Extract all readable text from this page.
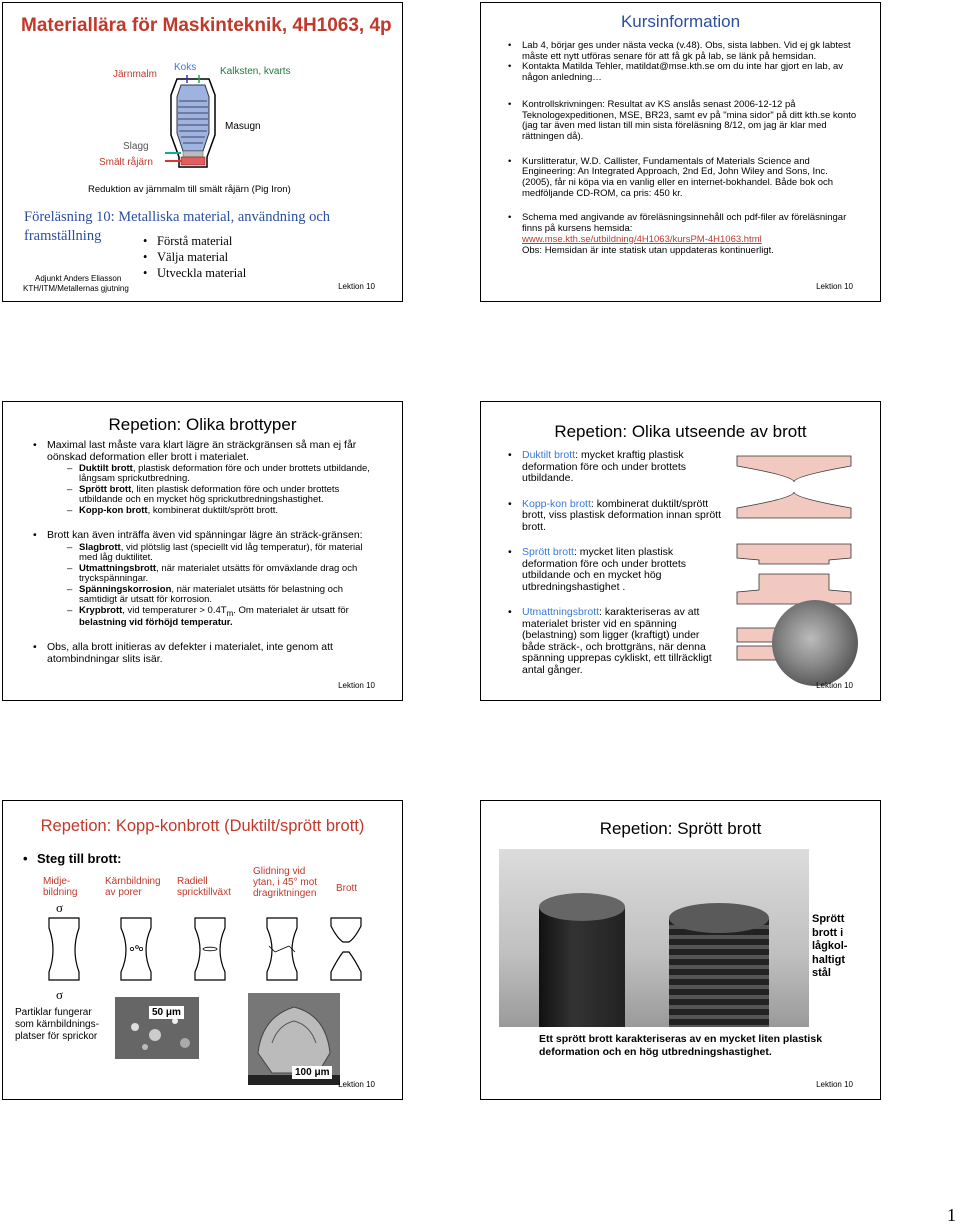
Materiallära för Maskinteknik, 4H1063, 4p
Järnmalm
Koks Kalksten, kvarts
Masugn
Slagg
Smält råjärn
Reduktion av järnmalm till smält råjärn (Pig Iron)
Föreläsning 10: Metalliska material, användning och framställning
•	Förstå material
• Välja material
• Utveckla material
Adjunkt Anders Eliasson
KTH/ITM/Metallernas gjutning	Lektion 10
Kursinformation
• Lab 4, börjar ges under nästa vecka (v.48). Obs, sista labben. Vid ej gk labtest måste ett nytt utföras senare för att få gk på lab, se länk på hemsidan.
• Kontakta Matilda Tehler, matildat@mse.kth.se om du inte har gjort en lab, av någon anledning…
• Kontrollskrivningen: Resultat av KS anslås senast 2006-12-12 på Teknologexpeditionen, MSE, BR23, samt ev på "mina sidor" på ditt kth.se konto (jag tar även med listan till min sista föreläsning 8/12, om jag är klar med rättningen då).
• Kurslitteratur, W.D. Callister, Fundamentals of Materials Science and Engineering: An Integrated Approach, 2nd Ed, John Wiley and Sons, Inc. (2005), får ni köpa via en vanlig eller en internet-bokhandel. Både bok och medföljande CD-ROM, ca pris: 450 kr.
• Schema med angivande av föreläsningsinnehåll och pdf-filer av föreläsningar finns på kursens hemsida:
www.mse.kth.se/utbildning/4H1063/kursPM-4H1063.html
Obs: Hemsidan är inte statisk utan uppdateras kontinuerligt.
Lektion 10
Repetion: Olika brottyper
• Maximal last måste vara klart lägre än sträckgränsen så man ej får oönskad deformation eller brott i materialet.
– Duktilt brott, plastisk deformation före och under brottets utbildande, långsam sprickutbredning.
– Sprött brott, liten plastisk deformation före och under brottets utbildande och en mycket hög sprickutbredningshastighet.
– Kopp-kon brott, kombinerat duktilt/sprött brott.
• Brott kan även inträffa även vid spänningar lägre än sträck-gränsen:
– Slagbrott, vid plötslig last (speciellt vid låg temperatur), för material med låg duktilitet.
– Utmattningsbrott, när materialet utsätts för omväxlande drag och tryckspänningar.
– Spänningskorrosion, när materialet utsätts för belastning och samtidigt är utsatt för korrosion.
– Krypbrott, vid temperaturer > $0.4T_m$. Om materialet är utsatt för belastning vid förhöjd temperatur.
• Obs, alla brott initieras av defekter i materialet, inte genom att atombindningar slits isär.
Lektion 10
Repetion: Olika utseende av brott
• Duktilt brott: mycket kraftig plastisk deformation före och under brottets utbildande.
• Kopp-kon brott: kombinerat duktilt/sprött brott, viss plastisk deformation innan sprött brott.
• Sprött brott: mycket liten plastisk deformation före och under brottets utbildande och en mycket hög utbredningshastighet .
• Utmattningsbrott: karakteriseras av att materialet brister vid en spänning (belastning) som ligger (kraftigt) under både sträck-, och brottgräns, när denna spänning upprepas cykliskt, ett tillräckligt antal gånger.
Lektion 10
Repetion: Kopp-konbrott (Duktilt/sprött brott)
• Steg till brott:
Midje-
bildning
Kärnbildning
av porer
Radiell spricktillväxt
Glidning vid
ytan, i 45° mot
dragriktningen Brott
σ
σ
Partiklar fungerar
som kärnbildnings-
platser för sprickor
50 μm
100 μm
Lektion 10
Repetion: Sprött brott
Sprött
brott i
lågkol-
haltigt
stål
Ett sprött brott karakteriseras av en mycket liten plastisk deformation och en hög utbredningshastighet.
Lektion 10
1
